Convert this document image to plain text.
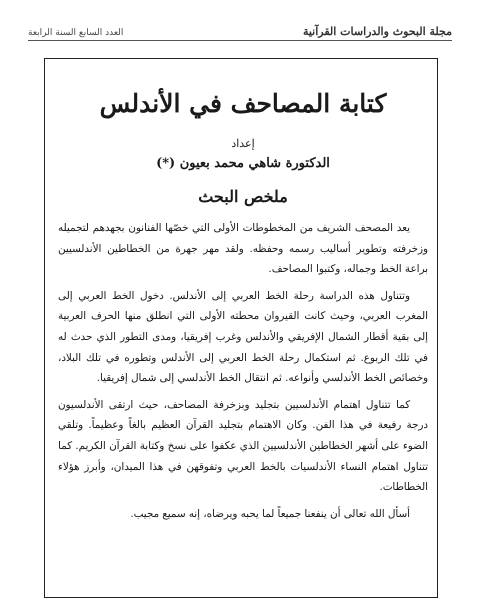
العدد السابع السنة الرابعة	مجلة البحوث والدراسات القرآنية
كتابة المصاحف في الأندلس

إعداد

الدكتورة شاهي محمد بعيون (*)

ملخص البحث

يعد المصحف الشريف من المخطوطات الأولى التي خصّها الفنانون بجهدهم لتجميله وزخرفته وتطوير أساليب رسمه وحفظه. ولقد مهر جهرة من الخطاطين الأندلسيين براعة الخط وجماله، وكتبوا المصاحف.

وتتناول هذه الدراسة رحلة الخط العربي إلى الأندلس. دخول الخط العربي إلى المغرب العربي، وحيث كانت القيروان محطته الأولى التي انطلق منها الحرف العربية إلى بقية أقطار الشمال الإفريقي والأندلس وغرب إفريقيا، ومدى التطور الذي حدث له في تلك الربوع. ثم استكمال رحلة الخط العربي إلى الأندلس وتطوره في تلك البلاد، وخصائص الخط الأندلسي وأنواعه. ثم انتقال الخط الأندلسي إلى شمال إفريقيا.

كما تتناول اهتمام الأندلسيين بتجليد وبزخرفة المصاحف، حيث ارتقى الأندلسيون درجة رفيعة في هذا الفن. وكان الاهتمام بتجليد القرآن العظيم بالغاً وعظيماً. وتلقي الضوء على أشهر الخطاطين الأندلسيين الذي عكفوا على نسخ وكتابة القرآن الكريم. كما تتناول اهتمام النساء الأندلسيات بالخط العربي وتفوقهن في هذا الميدان، وأبرز هؤلاء الخطاطات.

أسأل الله تعالى أن ينفعنا جميعاً لما يحبه ويرضاه، إنه سميع مجيب.
